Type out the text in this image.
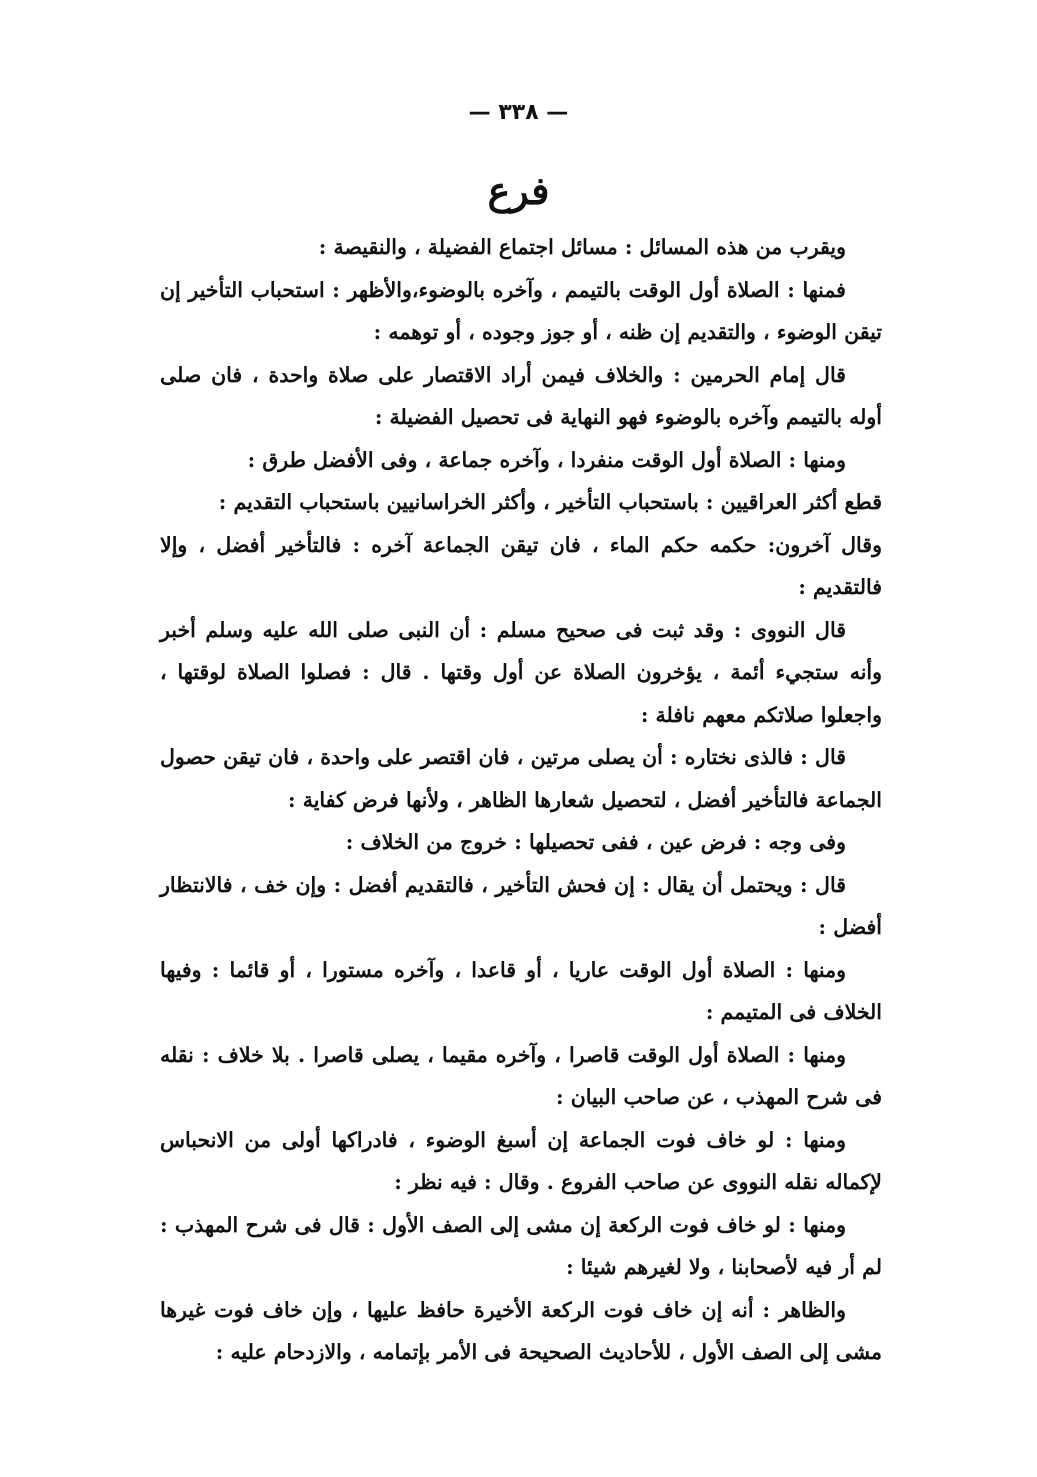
— ٣٣٨ —
فرع

ويقرب من هذه المسائل : مسائل اجتماع الفضيلة ، والنقيصة :

فمنها : الصلاة أول الوقت بالتيمم ، وآخره بالوضوء،والأظهر : استحباب التأخير إن تيقن الوضوء ، والتقديم إن ظنه ، أو جوز وجوده ، أو توهمه :

قال إمام الحرمين : والخلاف فيمن أراد الاقتصار على صلاة واحدة ، فان صلى أوله بالتيمم وآخره بالوضوء فهو النهاية فى تحصيل الفضيلة :

ومنها : الصلاة أول الوقت منفردا ، وآخره جماعة ، وفى الأفضل طرق :

قطع أكثر العراقيين : باستحباب التأخير ، وأكثر الخراسانيين باستحباب التقديم :

وقال آخرون: حكمه حكم الماء ، فان تيقن الجماعة آخره : فالتأخير أفضل ، وإلا فالتقديم :

قال النووى : وقد ثبت فى صحيح مسلم : أن النبى صلى الله عليه وسلم أخبر وأنه ستجيء أئمة ، يؤخرون الصلاة عن أول وقتها . قال : فصلوا الصلاة لوقتها ، واجعلوا صلاتكم معهم نافلة :

قال : فالذى نختاره : أن يصلى مرتين ، فان اقتصر على واحدة ، فان تيقن حصول الجماعة فالتأخير أفضل ، لتحصيل شعارها الظاهر ، ولأنها فرض كفاية :

وفى وجه : فرض عين ، ففى تحصيلها : خروج من الخلاف :

قال : ويحتمل أن يقال : إن فحش التأخير ، فالتقديم أفضل : وإن خف ، فالانتظار أفضل :

ومنها : الصلاة أول الوقت عاريا ، أو قاعدا ، وآخره مستورا ، أو قائما : وفيها الخلاف فى المتيمم :

ومنها : الصلاة أول الوقت قاصرا ، وآخره مقيما ، يصلى قاصرا . بلا خلاف : نقله فى شرح المهذب ، عن صاحب البيان :

ومنها : لو خاف فوت الجماعة إن أسبغ الوضوء ، فادراكها أولى من الانحباس لإكماله نقله النووى عن صاحب الفروع . وقال : فيه نظر :

ومنها : لو خاف فوت الركعة إن مشى إلى الصف الأول : قال فى شرح المهذب : لم أر فيه لأصحابنا ، ولا لغيرهم شيئا :

والظاهر : أنه إن خاف فوت الركعة الأخيرة حافظ عليها ، وإن خاف فوت غيرها مشى إلى الصف الأول ، للأحاديث الصحيحة فى الأمر بإتمامه ، والازدحام عليه :
